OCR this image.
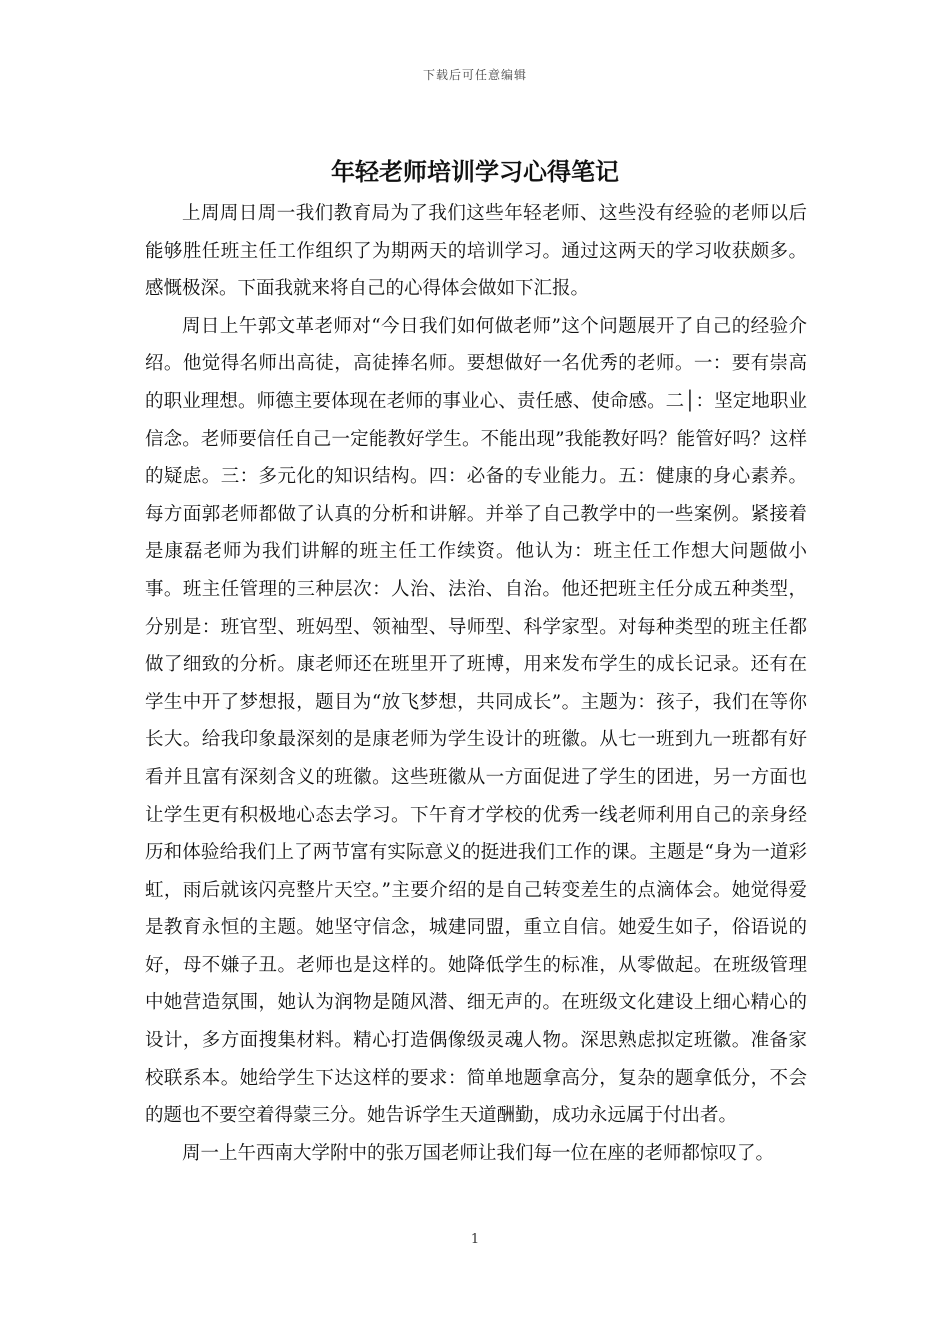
下载后可任意编辑
年轻老师培训学习心得笔记

上周周日周一我们教育局为了我们这些年轻老师、这些没有经验的老师以后能够胜任班主任工作组织了为期两天的培训学习。通过这两天的学习收获颇多。感慨极深。下面我就来将自己的心得体会做如下汇报。

周日上午郭文革老师对“今日我们如何做老师”这个问题展开了自己的经验介绍。他觉得名师出高徒，高徒捧名师。要想做好一名优秀的老师。一：要有崇高的职业理想。师德主要体现在老师的事业心、责任感、使命感。二│：坚定地职业信念。老师要信任自己一定能教好学生。不能出现”我能教好吗？能管好吗？这样的疑虑。三：多元化的知识结构。四：必备的专业能力。五：健康的身心素养。每方面郭老师都做了认真的分析和讲解。并举了自己教学中的一些案例。紧接着是康磊老师为我们讲解的班主任工作续资。他认为：班主任工作想大问题做小事。班主任管理的三种层次：人治、法治、自治。他还把班主任分成五种类型，分别是：班官型、班妈型、领袖型、导师型、科学家型。对每种类型的班主任都做了细致的分析。康老师还在班里开了班博，用来发布学生的成长记录。还有在学生中开了梦想报，题目为“放飞梦想，共同成长”。主题为：孩子，我们在等你长大。给我印象最深刻的是康老师为学生设计的班徽。从七一班到九一班都有好看并且富有深刻含义的班徽。这些班徽从一方面促进了学生的团进，另一方面也让学生更有积极地心态去学习。下午育才学校的优秀一线老师利用自己的亲身经历和体验给我们上了两节富有实际意义的挺进我们工作的课。主题是“身为一道彩虹，雨后就该闪亮整片天空。”主要介绍的是自己转变差生的点滴体会。她觉得爱是教育永恒的主题。她坚守信念，城建同盟，重立自信。她爱生如子，俗语说的好，母不嫌子丑。老师也是这样的。她降低学生的标准，从零做起。在班级管理中她营造氛围，她认为润物是随风潜、细无声的。在班级文化建设上细心精心的设计，多方面搜集材料。精心打造偶像级灵魂人物。深思熟虑拟定班徽。准备家校联系本。她给学生下达这样的要求：简单地题拿高分，复杂的题拿低分，不会的题也不要空着得蒙三分。她告诉学生天道酬勤，成功永远属于付出者。

周一上午西南大学附中的张万国老师让我们每一位在座的老师都惊叹了。

1
